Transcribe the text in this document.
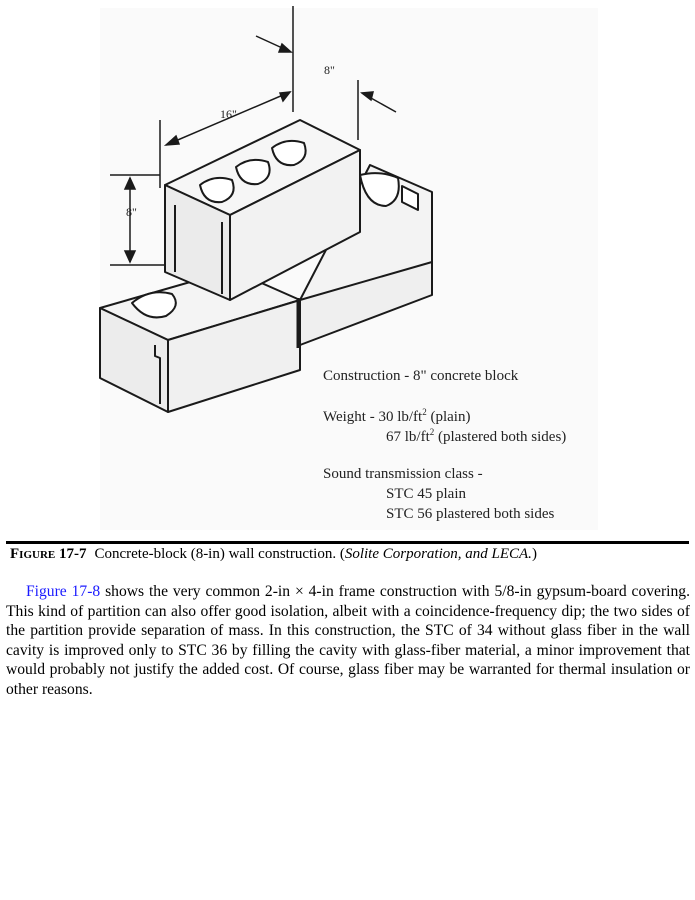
8"
16"
8"
Construction - 8" concrete block
Weight - 30 $lb/ft^2$ (plain)
67 $lb/ft^2$ (plastered both sides)
Sound transmission class -
STC 45 plain
STC 56 plastered both sides
Figure 17-7 Concrete-block (8-in) wall construction. (Solite Corporation, and LECA.)
Figure 17-8 shows the very common 2-in × 4-in frame construction with 5/8-in gypsum-board covering. This kind of partition can also offer good isolation, albeit with a coincidence-frequency dip; the two sides of the partition provide separation of mass. In this construction, the STC of 34 without glass fiber in the wall cavity is improved only to STC 36 by filling the cavity with glass-fiber material, a minor improvement that would probably not justify the added cost. Of course, glass fiber may be warranted for thermal insulation or other reasons.
